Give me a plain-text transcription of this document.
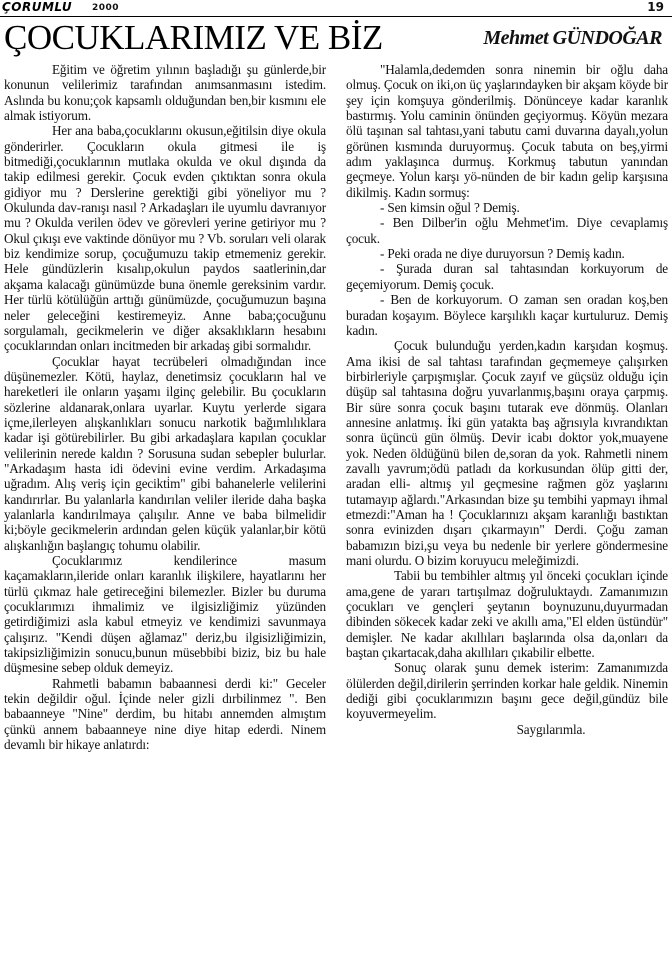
ÇORUMLU 2000	19
ÇOCUKLARIMIZ VE BİZ	Mehmet GÜNDOĞAR

Eğitim ve öğretim yılının başladığı şu günlerde,bir konunun velilerimiz tarafından anımsanmasını istedim. Aslında bu konu;çok kapsamlı olduğundan ben,bir kısmını ele almak istiyorum.

Her ana baba,çocuklarını okusun,eğitilsin diye okula gönderirler. Çocukların okula gitmesi ile iş bitmediği,çocuklarının mutlaka okulda ve okul dışında da takip edilmesi gerekir. Çocuk evden çıktıktan sonra okula gidiyor mu ? Derslerine gerektiği gibi yöneliyor mu ? Okulunda dav-ranışı nasıl ? Arkadaşları ile uyumlu davranıyor mu ? Okulda verilen ödev ve görevleri yerine getiriyor mu ? Okul çıkışı eve vaktinde dönüyor mu ? Vb. soruları veli olarak biz kendimize sorup, çocuğumuzu takip etmemeniz gerekir. Hele gündüzlerin kısalıp,okulun paydos saatlerinin,dar akşama kalacağı günümüzde buna önemle gereksinim vardır. Her türlü kötülüğün arttığı günümüzde, çocuğumuzun başına neler geleceğini kestiremeyiz. Anne baba;çocuğunu sorgulamalı, gecikmelerin ve diğer aksaklıkların hesabını çocuklarından onları incitmeden bir arkadaş gibi sormalıdır.

Çocuklar hayat tecrübeleri olmadığından ince düşünemezler. Kötü, haylaz, denetimsiz çocukların hal ve hareketleri ile onların yaşamı ilginç gelebilir. Bu çocukların sözlerine aldanarak,onlara uyarlar. Kuytu yerlerde sigara içme,ilerleyen alışkanlıkları sonucu narkotik bağımlılıklara kadar işi götürebilirler. Bu gibi arkadaşlara kapılan çocuklar velilerinin nerede kaldın ? Sorusuna sudan sebepler bulurlar. "Arkadaşım hasta idi ödevini evine verdim. Arkadaşıma uğradım. Alış veriş için gecikti̇m" gibi bahanelerle velilerini kandırırlar. Bu yalanlarla kandırılan veliler ileride daha başka yalanlarla kandırılmaya çalışılır. Anne ve baba bilmelidir ki;böyle gecikmelerin ardından gelen küçük yalanlar,bir kötü alışkanlığın başlangıç tohumu olabilir.

Çocuklarımız kendilerince masum kaçamakların,ileride onları karanlık ilişkilere, hayatlarını her türlü çıkmaz hale getireceğini bilemezler. Bizler bu duruma çocuklarımızı ihmalimiz ve ilgisizliğimiz yüzünden getirdiğimizi asla kabul etmeyiz ve kendimizi savunmaya çalışırız. "Kendi düşen ağlamaz" deriz,bu ilgisizliğimizin, takipsizliğimizin sonucu,bunun müsebbibi biziz, biz bu hale düşmesine sebep olduk demeyiz.

Rahmetli babamın babaannesi derdi ki:" Geceler tekin değildir oğul. İçinde neler gizli dırbilinmez ". Ben babaanneye "Nine" derdim, bu hitabı annemden almıştım çünkü annem babaanneye nine diye hitap ederdi. Ninem devamlı bir hikaye anlatırdı:

"Halamla,dedemden sonra ninemin bir oğlu daha olmuş. Çocuk on iki,on üç yaşlarındayken bir akşam köyde bir şey için komşuya gönderilmiş. Dönünceye kadar karanlık bastırmış. Yolu caminin önünden geçiyormuş. Köyün mezara ölü taşınan sal tahtası,yani tabutu cami duvarına dayalı,yolun görünen kısmında duruyormuş. Çocuk tabuta on beş,yirmi adım yaklaşınca durmuş. Korkmuş tabutun yanından geçmeye. Yolun karşı yö-nünden de bir kadın gelip karşısına dikilmiş. Kadın sormuş:

- Sen kimsin oğul ? Demiş.

- Ben Dilber'in oğlu Mehmet'im. Diye cevaplamış çocuk.

- Peki orada ne diye duruyorsun ? Demiş kadın.

- Şurada duran sal tahtasından korkuyorum de geçemiyorum. Demiş çocuk.

- Ben de korkuyorum. O zaman sen oradan koş,ben buradan koşayım. Böylece karşılıklı kaçar kurtuluruz. Demiş kadın.

Çocuk bulunduğu yerden,kadın karşıdan koşmuş. Ama ikisi de sal tahtası tarafından geçmemeye çalışırken birbirleriyle çarpışmışlar. Çocuk zayıf ve güçsüz olduğu için düşüp sal tahtasına doğru yuvarlanmış,başını oraya çarpmış. Bir süre sonra çocuk başını tutarak eve dönmüş. Olanları annesine anlatmış. İki gün yatakta baş ağrısıyla kıvrandıktan sonra üçüncü gün ölmüş. Devir icabı doktor yok,muayene yok. Neden öldüğünü bilen de,soran da yok. Rahmetli ninem zavallı yavrum;ödü patladı da korkusundan ölüp gitti der, aradan elli- altmış yıl geçmesine rağmen göz yaşlarını tutamayıp ağlardı."Arkasından bize şu tembihi yapmayı ihmal etmezdi:"Aman ha ! Çocuklarınızı akşam karanlığı bastıktan sonra evinizden dışarı çıkarmayın" Derdi. Çoğu zaman babamızın bizi,şu veya bu nedenle bir yerlere göndermesine mani olurdu. O bizim koruyucu meleğimizdi.

Tabii bu tembihler altmış yıl önceki çocukları içinde ama,gene de yararı tartışılmaz doğruluktaydı. Zamanımızın çocukları ve gençleri şeytanın boynuzunu,duyurmadan dibinden sökecek kadar zeki ve akıllı ama,"El elden üstündür" demişler. Ne kadar akıllıları başlarında olsa da,onları da baştan çıkartacak,daha akıllıları çıkabilir elbette.

Sonuç olarak şunu demek isterim: Zamanımızda ölülerden değil,dirilerin şerrinden korkar hale geldik. Ninemin dediği gibi çocuklarımızın başını gece değil,gündüz bile koyuvermeyelim.

Saygılarımla.
